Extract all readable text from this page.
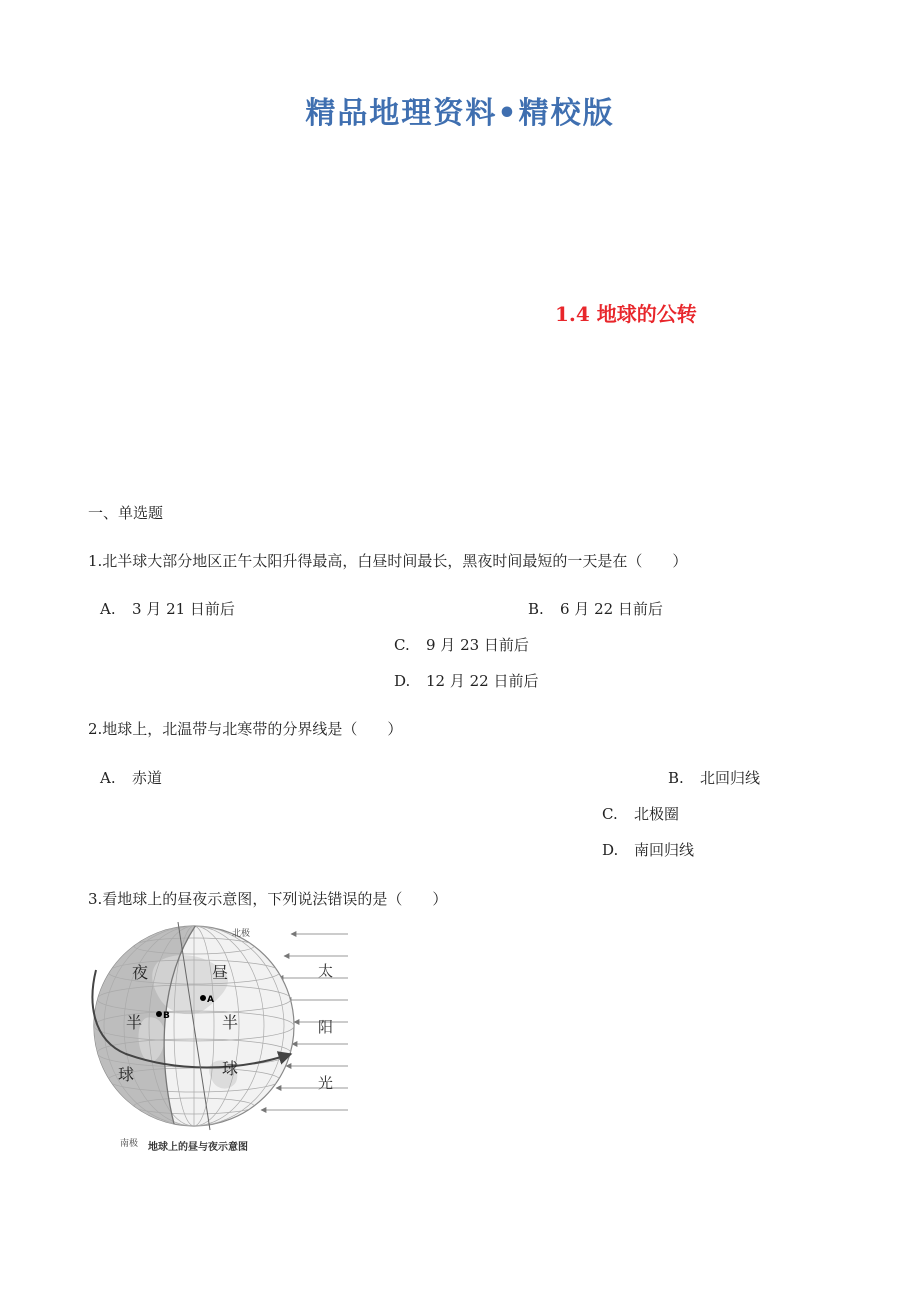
精品地理资料•精校版
1.4 地球的公转
一、单选题
1.北半球大部分地区正午太阳升得最高，白昼时间最长，黑夜时间最短的一天是在（　　）
A. 3 月 21 日前后	B. 6 月 22 日前后
C. 9 月 23 日前后
D. 12 月 22 日前后
2.地球上，北温带与北寒带的分界线是（　　）
A. 赤道	B. 北回归线
C. 北极圈
D. 南回归线
3.看地球上的昼夜示意图，下列说法错误的是（　　）
北极
南极
夜
半
球
昼
半
球
太
阳
光
A
B
地球上的昼与夜示意图
